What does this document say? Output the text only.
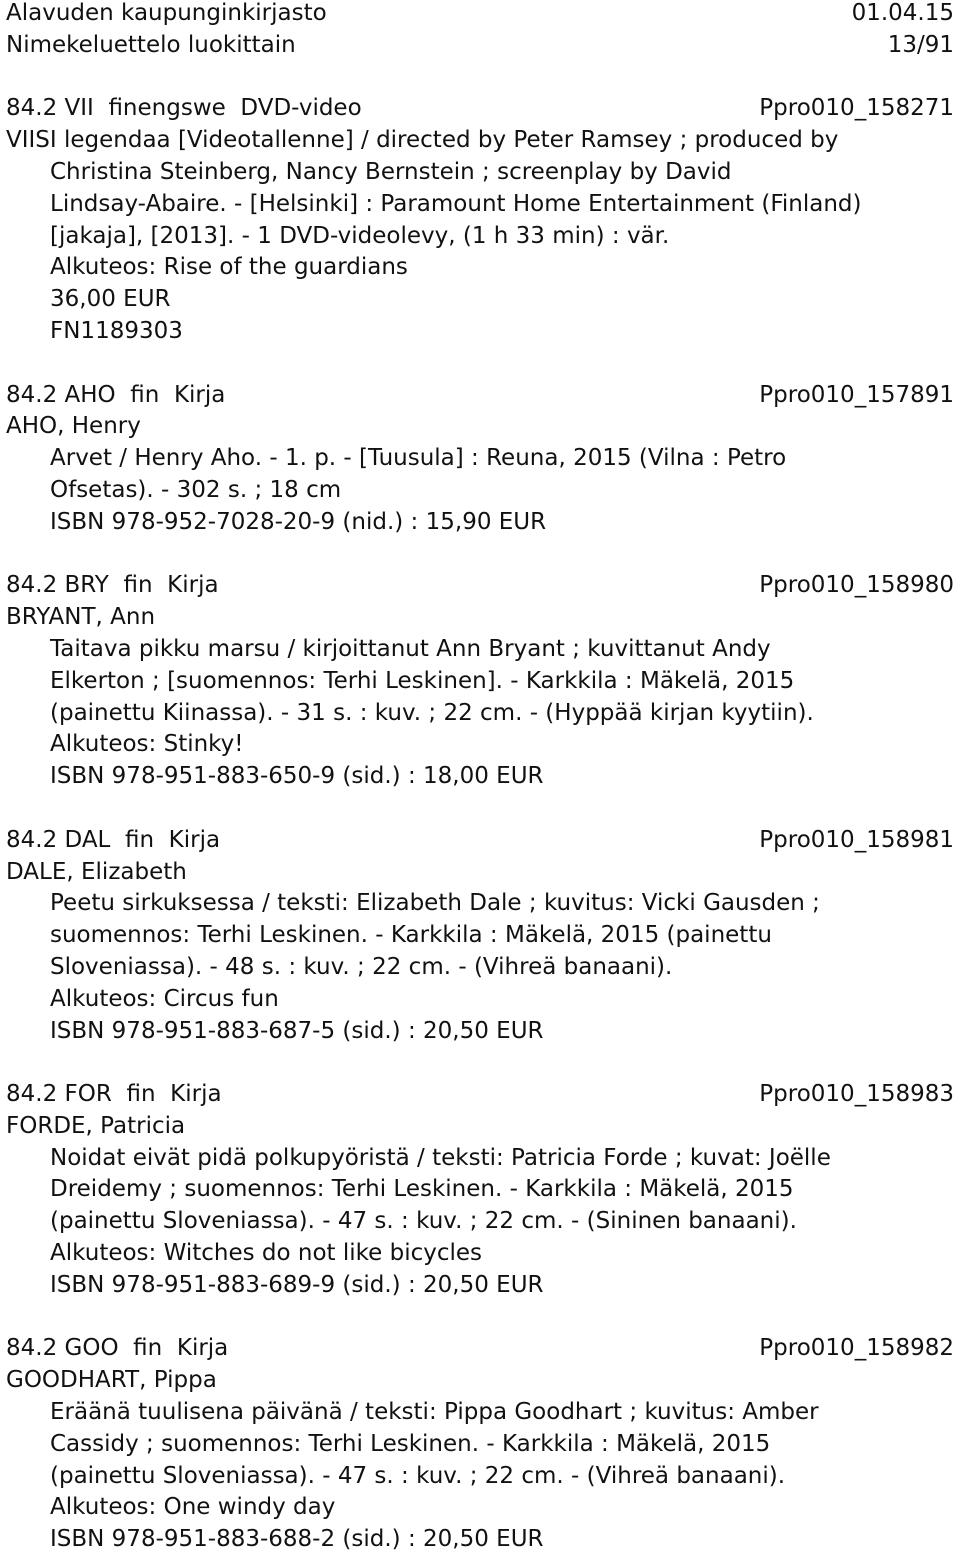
Alavuden kaupunginkirjasto	01.04.15
Nimekeluettelo luokittain	13/91
84.2 VII  finengswe  DVD-video	Ppro010_158271
VIISI legendaa [Videotallenne] / directed by Peter Ramsey ; produced by
Christina Steinberg, Nancy Bernstein ; screenplay by David
Lindsay-Abaire. - [Helsinki] : Paramount Home Entertainment (Finland)
[jakaja], [2013]. - 1 DVD-videolevy, (1 h 33 min) : vär.
Alkuteos: Rise of the guardians
36,00 EUR
FN1189303
84.2 AHO  fin  Kirja	Ppro010_157891
AHO, Henry
Arvet / Henry Aho. - 1. p. - [Tuusula] : Reuna, 2015 (Vilna : Petro
Ofsetas). - 302 s. ; 18 cm
ISBN 978-952-7028-20-9 (nid.) : 15,90 EUR
84.2 BRY  fin  Kirja	Ppro010_158980
BRYANT, Ann
Taitava pikku marsu / kirjoittanut Ann Bryant ; kuvittanut Andy
Elkerton ; [suomennos: Terhi Leskinen]. - Karkkila : Mäkelä, 2015
(painettu Kiinassa). - 31 s. : kuv. ; 22 cm. - (Hyppää kirjan kyytiin).
Alkuteos: Stinky!
ISBN 978-951-883-650-9 (sid.) : 18,00 EUR
84.2 DAL  fin  Kirja	Ppro010_158981
DALE, Elizabeth
Peetu sirkuksessa / teksti: Elizabeth Dale ; kuvitus: Vicki Gausden ;
suomennos: Terhi Leskinen. - Karkkila : Mäkelä, 2015 (painettu
Sloveniassa). - 48 s. : kuv. ; 22 cm. - (Vihreä banaani).
Alkuteos: Circus fun
ISBN 978-951-883-687-5 (sid.) : 20,50 EUR
84.2 FOR  fin  Kirja	Ppro010_158983
FORDE, Patricia
Noidat eivät pidä polkupyöristä / teksti: Patricia Forde ; kuvat: Joëlle
Dreidemy ; suomennos: Terhi Leskinen. - Karkkila : Mäkelä, 2015
(painettu Sloveniassa). - 47 s. : kuv. ; 22 cm. - (Sininen banaani).
Alkuteos: Witches do not like bicycles
ISBN 978-951-883-689-9 (sid.) : 20,50 EUR
84.2 GOO  fin  Kirja	Ppro010_158982
GOODHART, Pippa
Eräänä tuulisena päivänä / teksti: Pippa Goodhart ; kuvitus: Amber
Cassidy ; suomennos: Terhi Leskinen. - Karkkila : Mäkelä, 2015
(painettu Sloveniassa). - 47 s. : kuv. ; 22 cm. - (Vihreä banaani).
Alkuteos: One windy day
ISBN 978-951-883-688-2 (sid.) : 20,50 EUR
